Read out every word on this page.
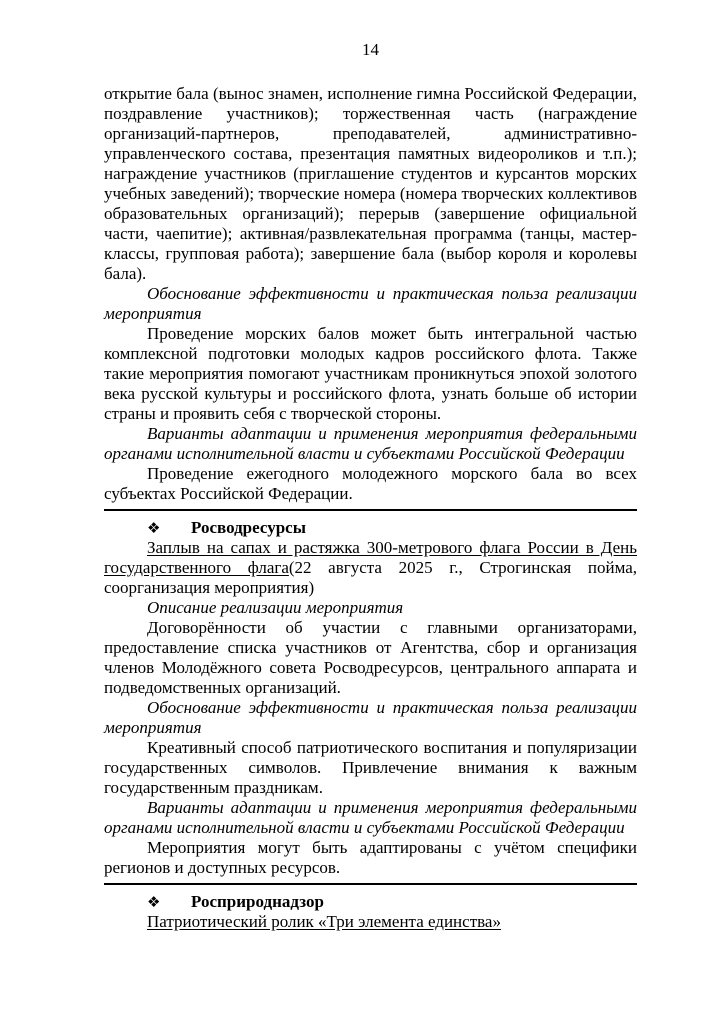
14

открытие бала (вынос знамен, исполнение гимна Российской Федерации, поздравление участников); торжественная часть (награждение организаций-партнеров, преподавателей, административно-управленческого состава, презентация памятных видеороликов и т.п.); награждение участников (приглашение студентов и курсантов морских учебных заведений); творческие номера (номера творческих коллективов образовательных организаций); перерыв (завершение официальной части, чаепитие); активная/развлекательная программа (танцы, мастер-классы, групповая работа); завершение бала (выбор короля и королевы бала).

Обоснование эффективности и практическая польза реализации мероприятия

Проведение морских балов может быть интегральной частью комплексной подготовки молодых кадров российского флота. Также такие мероприятия помогают участникам проникнуться эпохой золотого века русской культуры и российского флота, узнать больше об истории страны и проявить себя с творческой стороны.

Варианты адаптации и применения мероприятия федеральными органами исполнительной власти и субъектами Российской Федерации

Проведение ежегодного молодежного морского бала во всех субъектах Российской Федерации.

❖ Росводресурсы

Заплыв на сапах и растяжка 300-метрового флага России в День государственного флага(22 августа 2025 г., Строгинская пойма, соорганизация мероприятия)

Описание реализации мероприятия

Договорённости об участии с главными организаторами, предоставление списка участников от Агентства, сбор и организация членов Молодёжного совета Росводресурсов, центрального аппарата и подведомственных организаций.

Обоснование эффективности и практическая польза реализации мероприятия

Креативный способ патриотического воспитания и популяризации государственных символов. Привлечение внимания к важным государственным праздникам.

Варианты адаптации и применения мероприятия федеральными органами исполнительной власти и субъектами Российской Федерации

Мероприятия могут быть адаптированы с учётом специфики регионов и доступных ресурсов.

❖ Росприроднадзор

Патриотический ролик «Три элемента единства»
